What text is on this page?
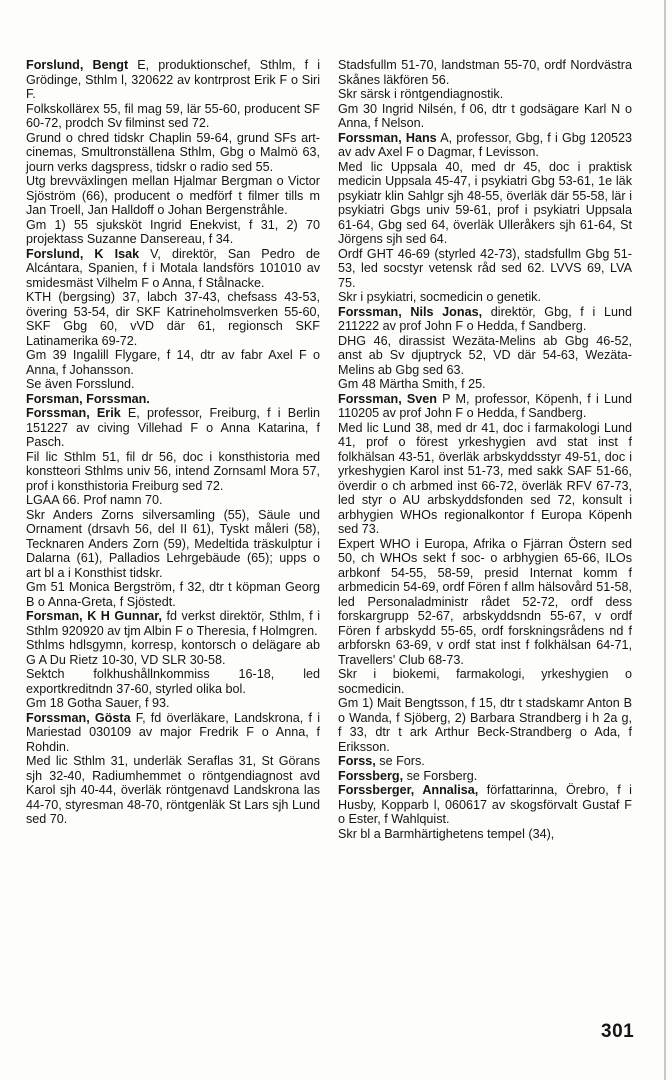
Forslund, Bengt E, produktionschef, Sthlm, f i Grödinge, Sthlm l, 320622 av kontrprost Erik F o Siri F.

Folkskollärex 55, fil mag 59, lär 55-60, producent SF 60-72, prodch Sv filminst sed 72.

Grund o chred tidskr Chaplin 59-64, grund SFs art-cinemas, Smultronställena Sthlm, Gbg o Malmö 63, journ verks dagspress, tidskr o radio sed 55.

Utg brevväxlingen mellan Hjalmar Bergman o Victor Sjöström (66), producent o medförf t filmer tills m Jan Troell, Jan Halldoff o Johan Bergenstråhle.

Gm 1) 55 sjuksköt Ingrid Enekvist, f 31, 2) 70 projektass Suzanne Dansereau, f 34.

Forslund, K Isak V, direktör, San Pedro de Alcántara, Spanien, f i Motala landsförs 101010 av smidesmäst Vilhelm F o Anna, f Stålnacke.

KTH (bergsing) 37, labch 37-43, chefsass 43-53, övering 53-54, dir SKF Katrineholmsverken 55-60, SKF Gbg 60, vVD där 61, regionsch SKF Latinamerika 69-72.

Gm 39 Ingalill Flygare, f 14, dtr av fabr Axel F o Anna, f Johansson.

Se även Forsslund.

Forsman, Forssman.

Forssman, Erik E, professor, Freiburg, f i Berlin 151227 av civing Villehad F o Anna Katarina, f Pasch.

Fil lic Sthlm 51, fil dr 56, doc i konsthistoria med konstteori Sthlms univ 56, intend Zornsaml Mora 57, prof i konsthistoria Freiburg sed 72.

LGAA 66. Prof namn 70.

Skr Anders Zorns silversamling (55), Säule und Ornament (drsavh 56, del II 61), Tyskt måleri (58), Tecknaren Anders Zorn (59), Medeltida träskulptur i Dalarna (61), Palladios Lehrgebäude (65); upps o art bl a i Konsthist tidskr.

Gm 51 Monica Bergström, f 32, dtr t köpman Georg B o Anna-Greta, f Sjöstedt.

Forsman, K H Gunnar, fd verkst direktör, Sthlm, f i Sthlm 920920 av tjm Albin F o Theresia, f Holmgren.

Sthlms hdlsgymn, korresp, kontorsch o delägare ab G A Du Rietz 10-30, VD SLR 30-58.

Sektch folkhushållnkommiss 16-18, led exportkreditndn 37-60, styrled olika bol.

Gm 18 Gotha Sauer, f 93.

Forssman, Gösta F, fd överläkare, Landskrona, f i Mariestad 030109 av major Fredrik F o Anna, f Rohdin.

Med lic Sthlm 31, underläk Seraflas 31, St Görans sjh 32-40, Radiumhemmet o röntgendiagnost avd Karol sjh 40-44, överläk röntgenavd Landskrona las 44-70, styresman 48-70, röntgenläk St Lars sjh Lund sed 70.

Stadsfullm 51-70, landstman 55-70, ordf Nordvästra Skånes läkfören 56.

Skr särsk i röntgendiagnostik.

Gm 30 Ingrid Nilsén, f 06, dtr t godsägare Karl N o Anna, f Nelson.

Forssman, Hans A, professor, Gbg, f i Gbg 120523 av adv Axel F o Dagmar, f Levisson.

Med lic Uppsala 40, med dr 45, doc i praktisk medicin Uppsala 45-47, i psykiatri Gbg 53-61, 1e läk psykiatr klin Sahlgr sjh 48-55, överläk där 55-58, lär i psykiatri Gbgs univ 59-61, prof i psykiatri Uppsala 61-64, Gbg sed 64, överläk Ulleråkers sjh 61-64, St Jörgens sjh sed 64.

Ordf GHT 46-69 (styrled 42-73), stadsfullm Gbg 51-53, led socstyr vetensk råd sed 62. LVVS 69, LVA 75.

Skr i psykiatri, socmedicin o genetik.

Forssman, Nils Jonas, direktör, Gbg, f i Lund 211222 av prof John F o Hedda, f Sandberg.

DHG 46, dirassist Wezäta-Melins ab Gbg 46-52, anst ab Sv djuptryck 52, VD där 54-63, Wezäta-Melins ab Gbg sed 63.

Gm 48 Märtha Smith, f 25.

Forssman, Sven P M, professor, Köpenh, f i Lund 110205 av prof John F o Hedda, f Sandberg.

Med lic Lund 38, med dr 41, doc i farmakologi Lund 41, prof o förest yrkeshygien avd stat inst f folkhälsan 43-51, överläk arbskyddsstyr 49-51, doc i yrkeshygien Karol inst 51-73, med sakk SAF 51-66, överdir o ch arbmed inst 66-72, överläk RFV 67-73, led styr o AU arbskyddsfonden sed 72, konsult i arbhygien WHOs regionalkontor f Europa Köpenh sed 73.

Expert WHO i Europa, Afrika o Fjärran Östern sed 50, ch WHOs sekt f soc- o arbhygien 65-66, ILOs arbkonf 54-55, 58-59, presid Internat komm f arbmedicin 54-69, ordf Fören f allm hälsovård 51-58, led Personaladministr rådet 52-72, ordf dess forskargrupp 52-67, arbskyddsndn 55-67, v ordf Fören f arbskydd 55-65, ordf forskningsrådens nd f arbforskn 63-69, v ordf stat inst f folkhälsan 64-71, Travellers' Club 68-73.

Skr i biokemi, farmakologi, yrkeshygien o socmedicin.

Gm 1) Mait Bengtsson, f 15, dtr t stadskamr Anton B o Wanda, f Sjöberg, 2) Barbara Strandberg i h 2a g, f 33, dtr t ark Arthur Beck-Strandberg o Ada, f Eriksson.

Forss, se Fors.

Forssberg, se Forsberg.

Forssberger, Annalisa, författarinna, Örebro, f i Husby, Kopparb l, 060617 av skogsförvalt Gustaf F o Ester, f Wahlquist.

Skr bl a Barmhärtighetens tempel (34),

301
